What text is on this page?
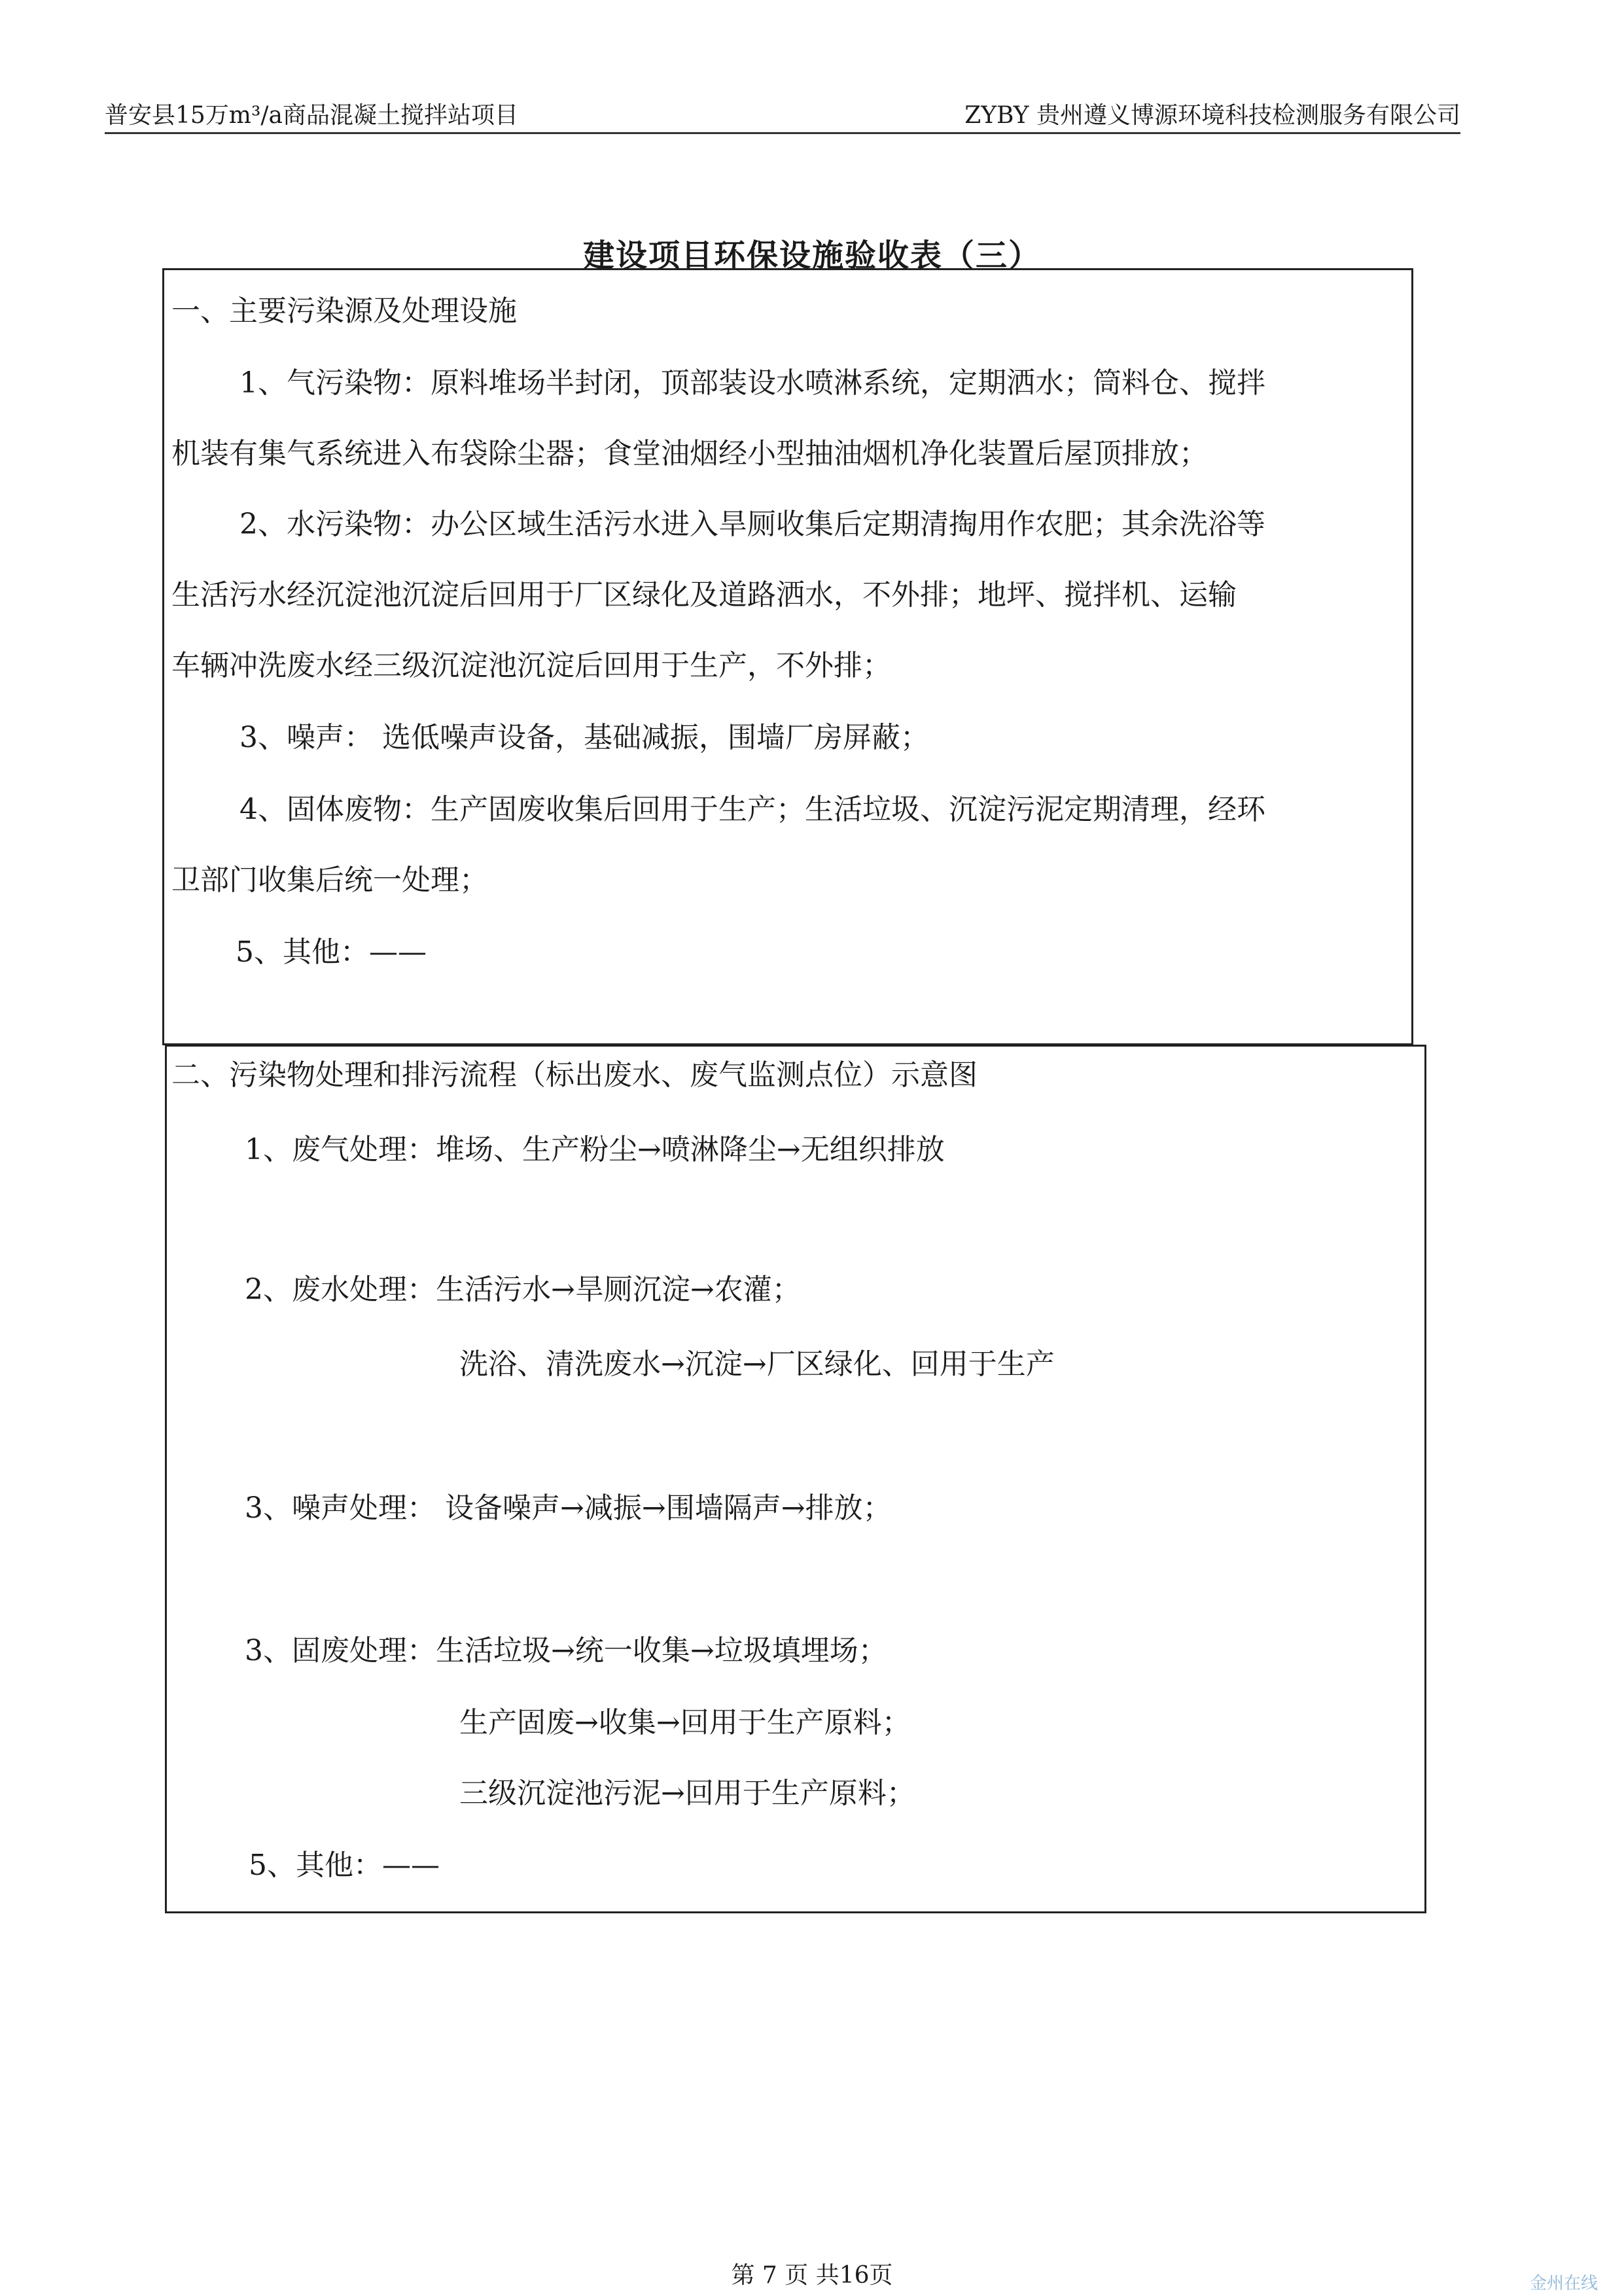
普安县15万m³/a商品混凝土搅拌站项目	ZYBY 贵州遵义博源环境科技检测服务有限公司
建设项目环保设施验收表（三）
一、主要污染源及处理设施
1、气污染物：原料堆场半封闭，顶部装设水喷淋系统，定期洒水；筒料仓、搅拌
机装有集气系统进入布袋除尘器；食堂油烟经小型抽油烟机净化装置后屋顶排放；
2、水污染物：办公区域生活污水进入旱厕收集后定期清掏用作农肥；其余洗浴等
生活污水经沉淀池沉淀后回用于厂区绿化及道路洒水，不外排；地坪、搅拌机、运输
车辆冲洗废水经三级沉淀池沉淀后回用于生产，不外排；
3、噪声： 选低噪声设备，基础减振，围墙厂房屏蔽；
4、固体废物：生产固废收集后回用于生产；生活垃圾、沉淀污泥定期清理，经环
卫部门收集后统一处理；
5、其他：——
二、污染物处理和排污流程（标出废水、废气监测点位）示意图
1、废气处理：堆场、生产粉尘→喷淋降尘→无组织排放
2、废水处理：生活污水→旱厕沉淀→农灌；
洗浴、清洗废水→沉淀→厂区绿化、回用于生产
3、噪声处理： 设备噪声→减振→围墙隔声→排放；
3、固废处理：生活垃圾→统一收集→垃圾填埋场；
生产固废→收集→回用于生产原料；
三级沉淀池污泥→回用于生产原料；
5、其他：——
第 7 页 共16页	金州在线
